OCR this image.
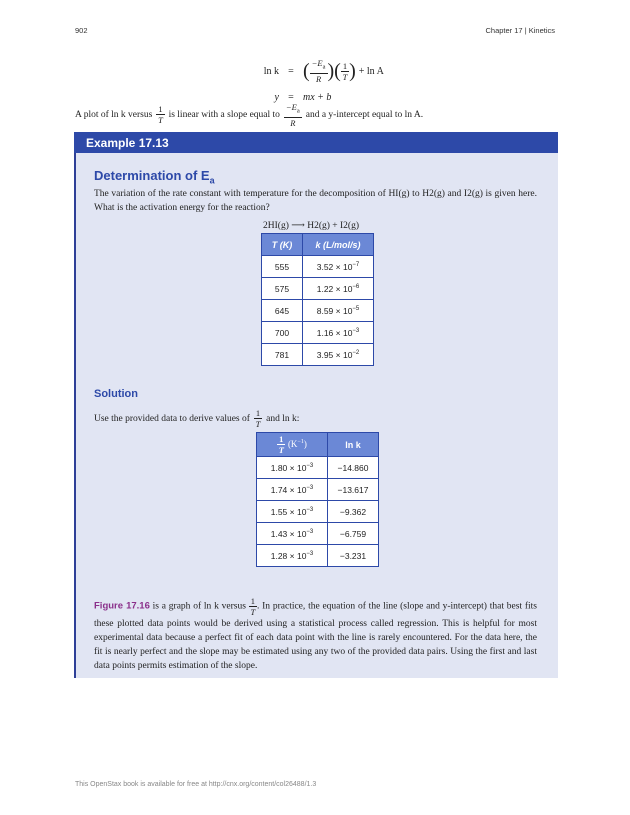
902	Chapter 17 | Kinetics
ln k = ( $\frac{-E_a}{R}$ ) ( $\frac{1}{T}$ ) + ln A
y = mx + b
A plot of ln k versus $\frac{1}{T}$ is linear with a slope equal to $\frac{-E_a}{R}$ and a y-intercept equal to ln A.
Example 17.13
Determination of $E_a$
The variation of the rate constant with temperature for the decomposition of HI(g) to H2(g) and I2(g) is given here. What is the activation energy for the reaction?
2HI(g) ⟶ H2(g) + I2(g)
T (K)	k (L/mol/s)
555	$3.52 \times 10^{-7}$
575	$1.22 \times 10^{-6}$
645	$8.59 \times 10^{-5}$
700	$1.16 \times 10^{-3}$
781	$3.95 \times 10^{-2}$
Solution
Use the provided data to derive values of $\frac{1}{T}$ and ln k:
$\frac{1}{T} (K^{-1})$	ln k
$1.80 \times 10^{-3}$	−14.860
$1.74 \times 10^{-3}$	−13.617
$1.55 \times 10^{-3}$	−9.362
$1.43 \times 10^{-3}$	−6.759
$1.28 \times 10^{-3}$	−3.231
Figure 17.16 is a graph of ln k versus $\frac{1}{T}$ . In practice, the equation of the line (slope and y-intercept) that best fits these plotted data points would be derived using a statistical process called regression. This is helpful for most experimental data because a perfect fit of each data point with the line is rarely encountered. For the data here, the fit is nearly perfect and the slope may be estimated using any two of the provided data pairs. Using the first and last data points permits estimation of the slope.
This OpenStax book is available for free at http://cnx.org/content/col26488/1.3
